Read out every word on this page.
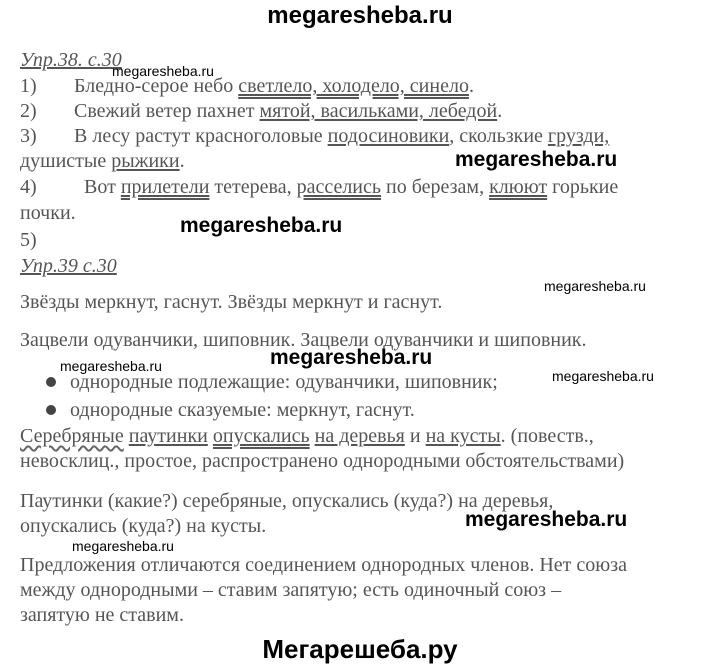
megaresheba.ru
Упр.38. с.30
1) Бледно-серое небо светлело, холодело, синело.
2) Свежий ветер пахнет мятой, васильками, лебедой.
3) В лесу растут красноголовые подосиновики, скользкие грузди,
душистые рыжики.
4) Вот прилетели тетерева, расселись по березам, клюют горькие
почки.
5)
Упр.39 с.30
Звёзды меркнут, гаснут. Звёзды меркнут и гаснут.
Зацвели одуванчики, шиповник. Зацвели одуванчики и шиповник.
однородные подлежащие: одуванчики, шиповник;
однородные сказуемые: меркнут, гаснут.
Серебряные паутинки опускались на деревья и на кусты. (повеств.,
невосклиц., простое, распространено однородными обстоятельствами)
Паутинки (какие?) серебряные, опускались (куда?) на деревья,
опускались (куда?) на кусты.
Предложения отличаются соединением однородных членов. Нет союза
между однородными – ставим запятую; есть одиночный союз –
запятую не ставим.
megaresheba.ru
megaresheba.ru
megaresheba.ru
megaresheba.ru
megaresheba.ru
megaresheba.ru
megaresheba.ru
megaresheba.ru
megaresheba.ru
Мегарешеба.ру
